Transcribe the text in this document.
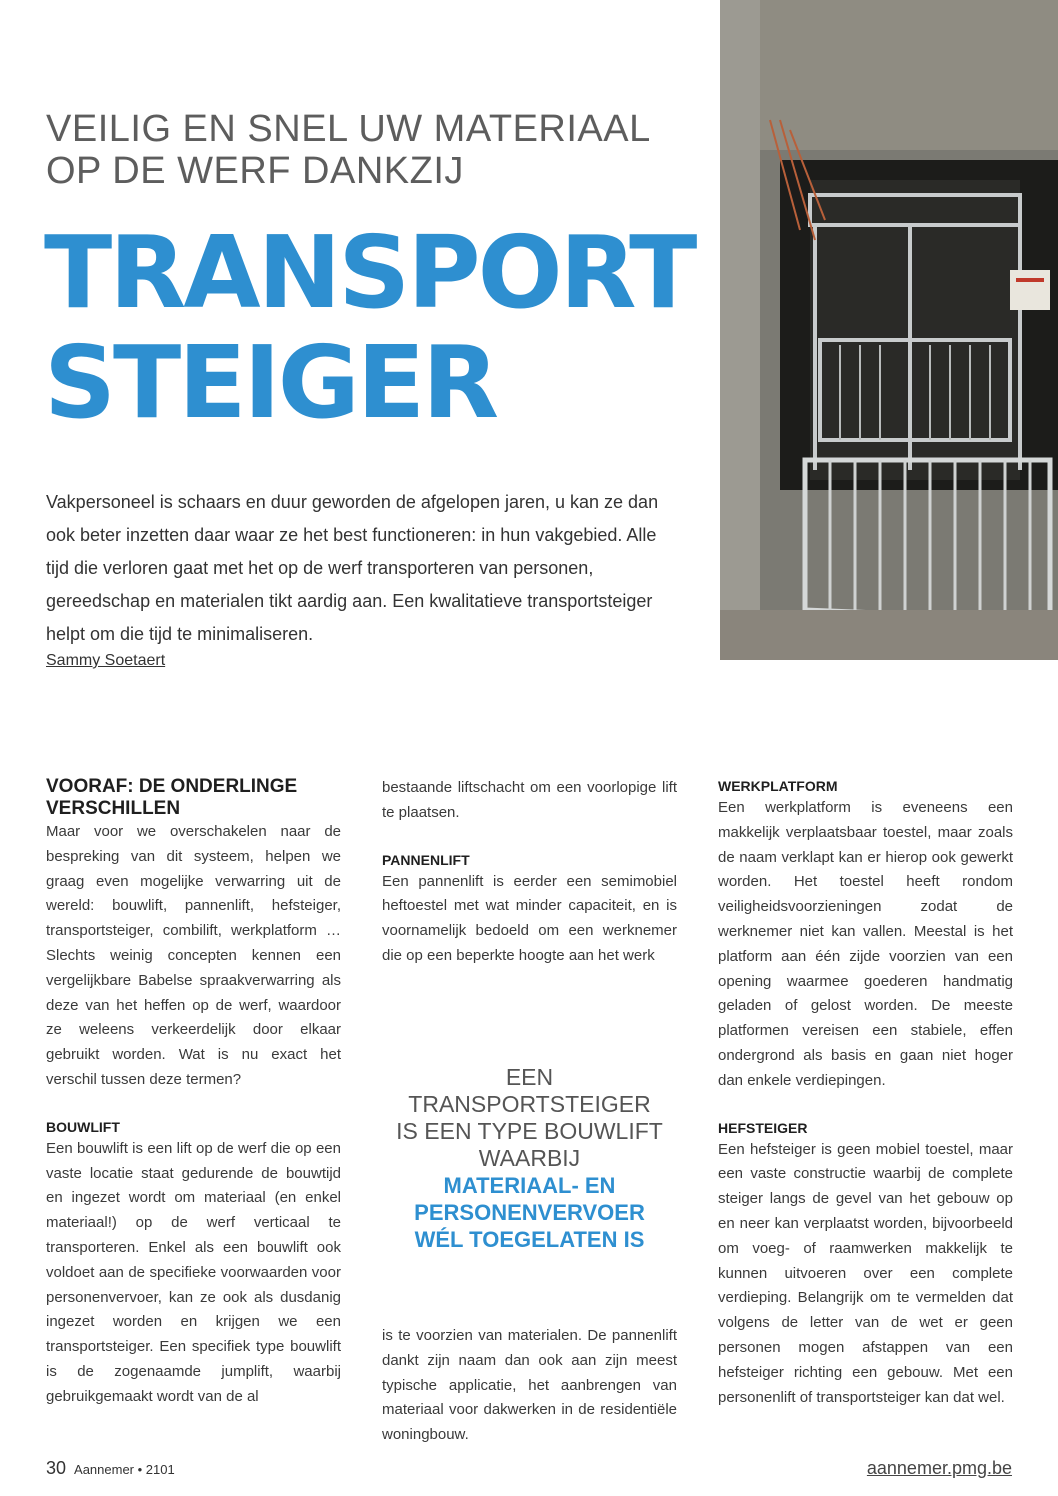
VEILIG EN SNEL UW MATERIAAL
OP DE WERF DANKZIJ
TRANSPORT
STEIGER

Vakpersoneel is schaars en duur geworden de afgelopen jaren, u kan ze dan ook beter inzetten daar waar ze het best functioneren: in hun vakgebied. Alle tijd die verloren gaat met het op de werf transporteren van personen, gereedschap en materialen tikt aardig aan. Een kwalitatieve transportsteiger helpt om die tijd te minimaliseren.

Sammy Soetaert
VOORAF: DE ONDERLINGE VERSCHILLEN

Maar voor we overschakelen naar de bespreking van dit systeem, helpen we graag even mogelijke verwarring uit de wereld: bouwlift, pannenlift, hefsteiger, transportsteiger, combilift, werkplatform … Slechts weinig concepten kennen een vergelijkbare Babelse spraakverwarring als deze van het heffen op de werf, waardoor ze weleens verkeerdelijk door elkaar gebruikt worden. Wat is nu exact het verschil tussen deze termen?

BOUWLIFT

Een bouwlift is een lift op de werf die op een vaste locatie staat gedurende de bouwtijd en ingezet wordt om materiaal (en enkel materiaal!) op de werf verticaal te transporteren. Enkel als een bouwlift ook voldoet aan de specifieke voorwaarden voor personenvervoer, kan ze ook als dusdanig ingezet worden en krijgen we een transportsteiger. Een specifiek type bouwlift is de zogenaamde jumplift, waarbij gebruikgemaakt wordt van de al

bestaande liftschacht om een voorlopige lift te plaatsen.

PANNENLIFT

Een pannenlift is eerder een semimobiel heftoestel met wat minder capaciteit, en is voornamelijk bedoeld om een werknemer die op een beperkte hoogte aan het werk

EEN TRANSPORTSTEIGER
IS EEN TYPE BOUWLIFT
WAARBIJ
MATERIAAL- EN
PERSONENVERVOER
WÉL TOEGELATEN IS

is te voorzien van materialen. De pannenlift dankt zijn naam dan ook aan zijn meest typische applicatie, het aanbrengen van materiaal voor dakwerken in de residentiële woningbouw.

WERKPLATFORM

Een werkplatform is eveneens een makkelijk verplaatsbaar toestel, maar zoals de naam verklapt kan er hierop ook gewerkt worden. Het toestel heeft rondom veiligheidsvoorzieningen zodat de werknemer niet kan vallen. Meestal is het platform aan één zijde voorzien van een opening waarmee goederen handmatig geladen of gelost worden. De meeste platformen vereisen een stabiele, effen ondergrond als basis en gaan niet hoger dan enkele verdiepingen.

HEFSTEIGER

Een hefsteiger is geen mobiel toestel, maar een vaste constructie waarbij de complete steiger langs de gevel van het gebouw op en neer kan verplaatst worden, bijvoorbeeld om voeg- of raamwerken makkelijk te kunnen uitvoeren over een complete verdieping. Belangrijk om te vermelden dat volgens de letter van de wet er geen personen mogen afstappen van een hefsteiger richting een gebouw. Met een personenlift of transportsteiger kan dat wel.

30 Aannemer • 2101	aannemer.pmg.be
